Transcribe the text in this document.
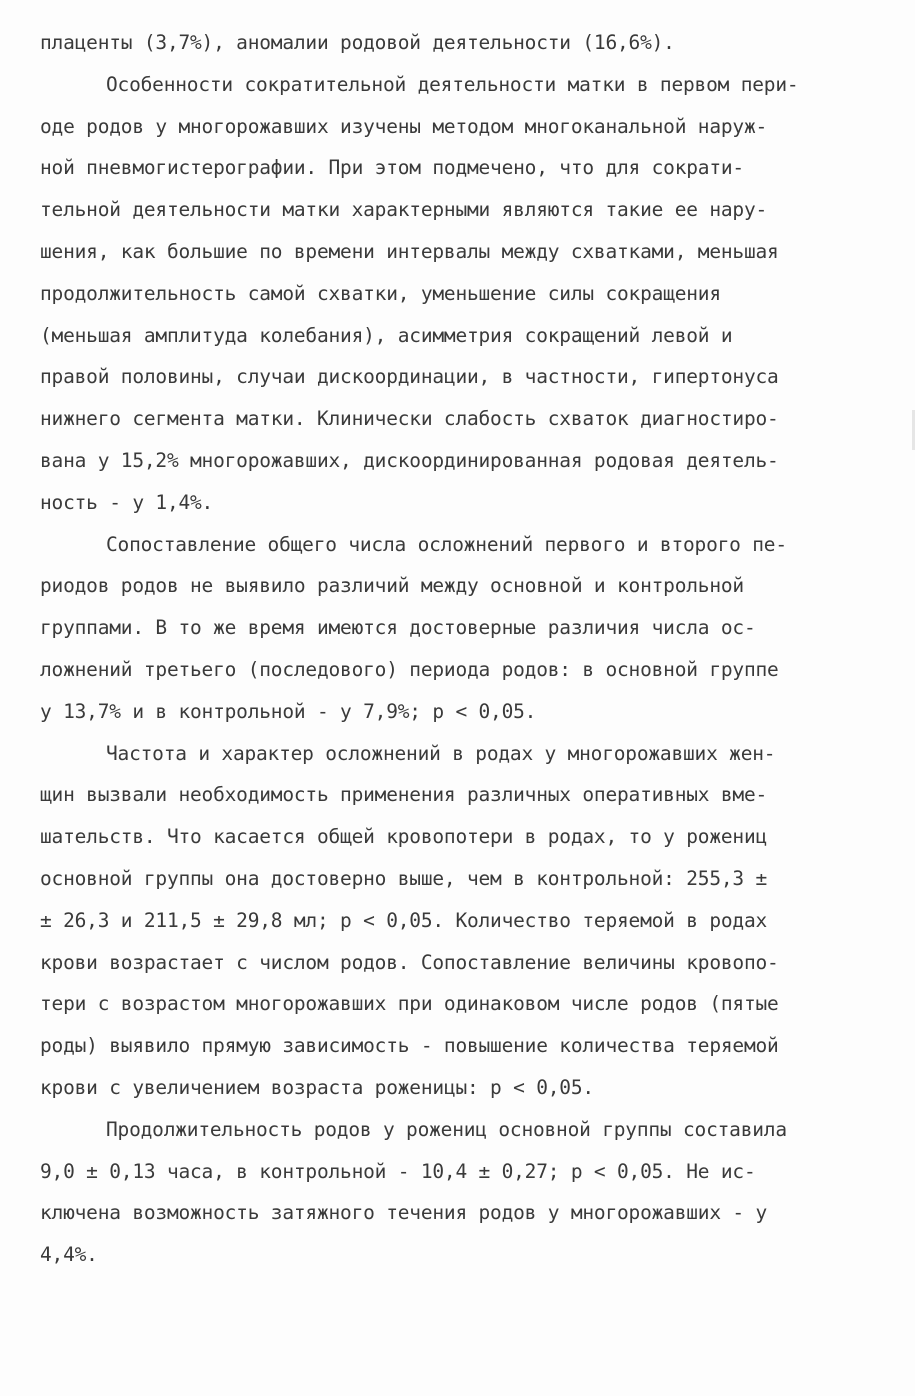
плаценты (3,7%), аномалии родовой деятельности (16,6%).
Особенности сократительной деятельности матки в первом пери-
оде родов у многорожавших изучены методом многоканальной наруж-
ной пневмогистерографии. При этом подмечено, что для сократи-
тельной деятельности матки характерными являются такие ее нару-
шения, как большие по времени интервалы между схватками, меньшая
продолжительность самой схватки, уменьшение силы сокращения
(меньшая амплитуда колебания), асимметрия сокращений левой и
правой половины, случаи дискоординации, в частности, гипертонуса
нижнего сегмента матки. Клинически слабость схваток диагностиро-
вана у 15,2% многорожавших, дискоординированная родовая деятель-
ность - у 1,4%.
Сопоставление общего числа осложнений первого и второго пе-
риодов родов не выявило различий между основной и контрольной
группами. В то же время имеются достоверные различия числа ос-
ложнений третьего (последового) периода родов: в основной группе
у 13,7% и в контрольной - у 7,9%; р < 0,05.
Частота и характер осложнений в родах у многорожавших жен-
щин вызвали необходимость применения различных оперативных вме-
шательств. Что касается общей кровопотери в родах, то у рожениц
основной группы она достоверно выше, чем в контрольной: 255,3 ±
± 26,3 и 211,5 ± 29,8 мл; р < 0,05. Количество теряемой в родах
крови возрастает с числом родов. Сопоставление величины кровопо-
тери с возрастом многорожавших при одинаковом числе родов (пятые
роды) выявило прямую зависимость - повышение количества теряемой
крови с увеличением возраста роженицы: р < 0,05.
Продолжительность родов у рожениц основной группы составила
9,0 ± 0,13 часа, в контрольной - 10,4 ± 0,27; р < 0,05. Не ис-
ключена возможность затяжного течения родов у многорожавших - у
4,4%.
